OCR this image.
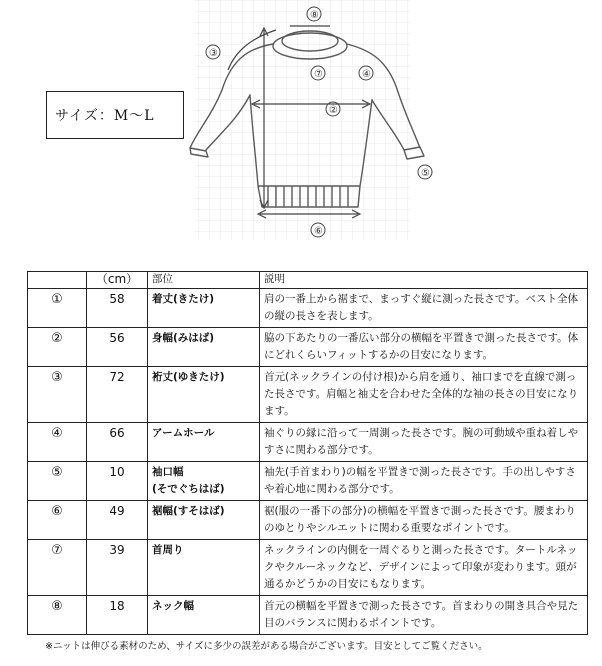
③
②
⑦
⑧
④
⑤
⑥
サイズ：M～L
	（cm）	部位	説明
①	58	着丈(きたけ)	肩の一番上から裾まで、まっすぐ縦に測った長さです。ベスト全体の縦の長さを表します。
②	56	身幅(みはば)	脇の下あたりの一番広い部分の横幅を平置きで測った長さです。体にどれくらいフィットするかの目安になります。
③	72	裄丈(ゆきたけ)	首元(ネックラインの付け根)から肩を通り、袖口までを直線で測った長さです。肩幅と袖丈を合わせた全体的な袖の長さの目安になります。
④	66	アームホール	袖ぐりの縁に沿って一周測った長さです。腕の可動域や重ね着しやすさに関わる部分です。
⑤	10	袖口幅
(そでぐちはば)	袖先(手首まわり)の幅を平置きで測った長さです。手の出しやすさや着心地に関わる部分です。
⑥	49	裾幅(すそはば)	裾(服の一番下の部分)の横幅を平置きで測った長さです。腰まわりのゆとりやシルエットに関わる重要なポイントです。
⑦	39	首周り	ネックラインの内側を一周ぐるりと測った長さです。タートルネックやクルーネックなど、デザインによって印象が変わります。頭が通るかどうかの目安にもなります。
⑧	18	ネック幅	首元の横幅を平置きで測った長さです。首まわりの開き具合や見た目のバランスに関わるポイントです。
※ニットは伸びる素材のため、サイズに多少の誤差がある場合がございます。目安としてご覧ください。
